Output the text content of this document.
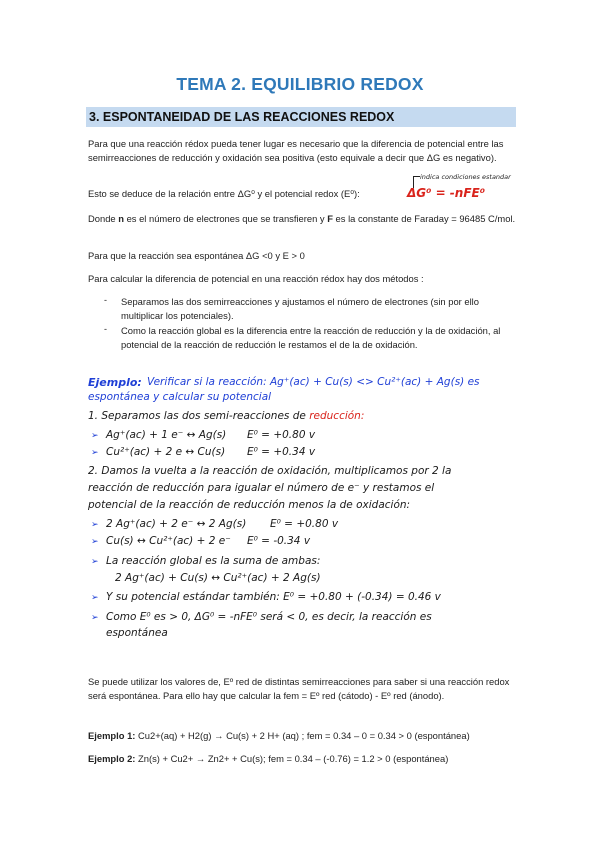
TEMA 2. EQUILIBRIO REDOX
3. ESPONTANEIDAD DE LAS REACCIONES REDOX
Para que una reacción rédox pueda tener lugar es necesario que la diferencia de potencial entre las semirreacciones de reducción y oxidación sea positiva (esto equivale a decir que ΔG es negativo).
Esto se deduce de la relación entre ΔG⁰ y el potencial redox (E⁰):
indica condiciones estandar
ΔG⁰ = -nFE⁰
Donde n es el número de electrones que se transfieren y F es la constante de Faraday = 96485 C/mol.
Para que la reacción sea espontánea ΔG <0 y E > 0
Para calcular la diferencia de potencial en una reacción rédox hay dos métodos :
- Separamos las dos semirreacciones y ajustamos el número de electrones (sin por ello multiplicar los potenciales).
- Como la reacción global es la diferencia entre la reacción de reducción y la de oxidación, al potencial de la reacción de reducción le restamos el de la de oxidación.
Ejemplo: Verificar si la reacción: Ag⁺(ac) + Cu(s) <> Cu²⁺(ac) + Ag(s) es
espontánea y calcular su potencial
1. Separamos las dos semi-reacciones de reducción:
➢ Ag⁺(ac) + 1 e⁻ ↔ Ag(s) E⁰ = +0.80 v
➢ Cu²⁺(ac) + 2 e ↔ Cu(s) E⁰ = +0.34 v
2. Damos la vuelta a la reacción de oxidación, multiplicamos por 2 la
reacción de reducción para igualar el número de e⁻ y restamos el
potencial de la reacción de reducción menos la de oxidación:
➢ 2 Ag⁺(ac) + 2 e⁻ ↔ 2 Ag(s) E⁰ = +0.80 v
➢ Cu(s) ↔ Cu²⁺(ac) + 2 e⁻ E⁰ = -0.34 v
➢ La reacción global es la suma de ambas:
2 Ag⁺(ac) + Cu(s) ↔ Cu²⁺(ac) + 2 Ag(s)
➢ Y su potencial estándar también: E⁰ = +0.80 + (-0.34) = 0.46 v
➢ Como E⁰ es > 0, ΔG⁰ = -nFE⁰ será < 0, es decir, la reacción es
espontánea
Se puede utilizar los valores de, Eº red de distintas semirreacciones para saber si una reacción redox será espontánea. Para ello hay que calcular la fem = Eº red (cátodo) - Eº red (ánodo).
Ejemplo 1: Cu2+(aq) + H2(g) → Cu(s) + 2 H+ (aq) ; fem = 0.34 – 0 = 0.34 > 0 (espontánea)
Ejemplo 2: Zn(s) + Cu2+ → Zn2+ + Cu(s); fem = 0.34 – (-0.76) = 1.2 > 0 (espontánea)
